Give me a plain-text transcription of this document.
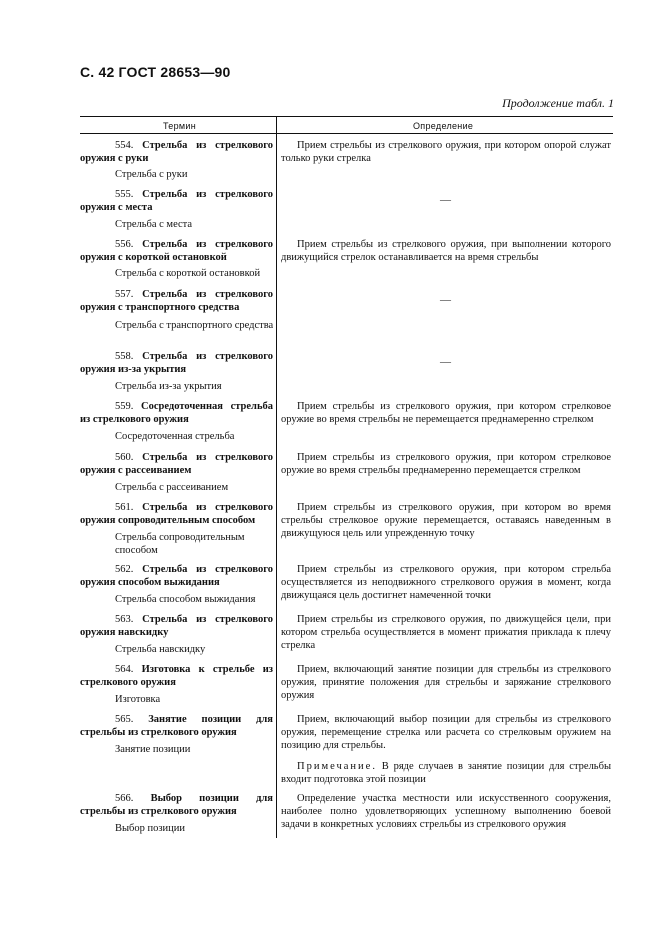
С. 42 ГОСТ 28653—90
Продолжение табл. 1
Термин	Определение
554. Стрельба из стрелкового оружия с руки
Стрельба с руки
Прием стрельбы из стрелкового оружия, при котором опорой служат только руки стрелка
555. Стрельба из стрелкового оружия с места
Стрельба с места
—
556. Стрельба из стрелкового оружия с короткой остановкой
Стрельба с короткой остановкой
Прием стрельбы из стрелкового оружия, при выполнении которого движущийся стрелок останавливается на время стрельбы
557. Стрельба из стрелкового оружия с транспортного средства
Стрельба с транспортного средства
—
558. Стрельба из стрелкового оружия из-за укрытия
Стрельба из-за укрытия
—
559. Сосредоточенная стрельба из стрелкового оружия
Сосредоточенная стрельба
Прием стрельбы из стрелкового оружия, при котором стрелковое оружие во время стрельбы не перемещается преднамеренно стрелком
560. Стрельба из стрелкового оружия с рассеиванием
Стрельба с рассеиванием
Прием стрельбы из стрелкового оружия, при котором стрелковое оружие во время стрельбы преднамеренно перемещается стрелком
561. Стрельба из стрелкового оружия сопроводительным способом
Стрельба сопроводительным способом
Прием стрельбы из стрелкового оружия, при котором во время стрельбы стрелковое оружие перемещается, оставаясь наведенным в движущуюся цель или упрежденную точку
562. Стрельба из стрелкового оружия способом выжидания
Стрельба способом выжидания
Прием стрельбы из стрелкового оружия, при котором стрельба осуществляется из неподвижного стрелкового оружия в момент, когда движущаяся цель достигнет намеченной точки
563. Стрельба из стрелкового оружия навскидку
Стрельба навскидку
Прием стрельбы из стрелкового оружия, по движущейся цели, при котором стрельба осуществляется в момент прижатия приклада к плечу стрелка
564. Изготовка к стрельбе из стрелкового оружия
Изготовка
Прием, включающий занятие позиции для стрельбы из стрелкового оружия, принятие положения для стрельбы и заряжание стрелкового оружия
565. Занятие позиции для стрельбы из стрелкового оружия
Занятие позиции
Прием, включающий выбор позиции для стрельбы из стрелкового оружия, перемещение стрелка или расчета со стрелковым оружием на позицию для стрельбы.
Примечание. В ряде случаев в занятие позиции для стрельбы входит подготовка этой позиции
566. Выбор позиции для стрельбы из стрелкового оружия
Выбор позиции
Определение участка местности или искусственного сооружения, наиболее полно удовлетворяющих успешному выполнению боевой задачи в конкретных условиях стрельбы из стрелкового оружия
